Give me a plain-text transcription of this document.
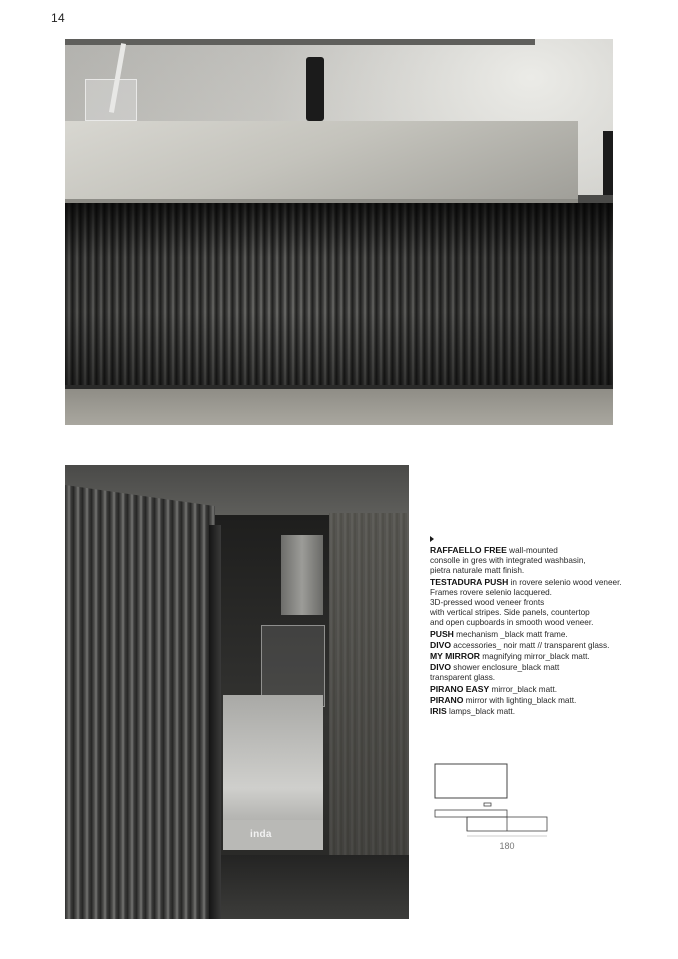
14
inda

RAFFAELLO FREE wall-mounted

consolle in gres with integrated washbasin,

pietra naturale matt finish.

TESTADURA PUSH in rovere selenio wood veneer.

Frames rovere selenio lacquered.

3D-pressed wood veneer fronts

with vertical stripes. Side panels, countertop

and open cupboards in smooth wood veneer.

PUSH mechanism _black matt frame.

DIVO accessories_ noir matt // transparent glass.

MY MIRROR magnifying mirror_black matt.

DIVO shower enclosure_black matt

transparent glass.

PIRANO EASY mirror_black matt.

PIRANO mirror with lighting_black matt.

IRIS lamps_black matt.

180
